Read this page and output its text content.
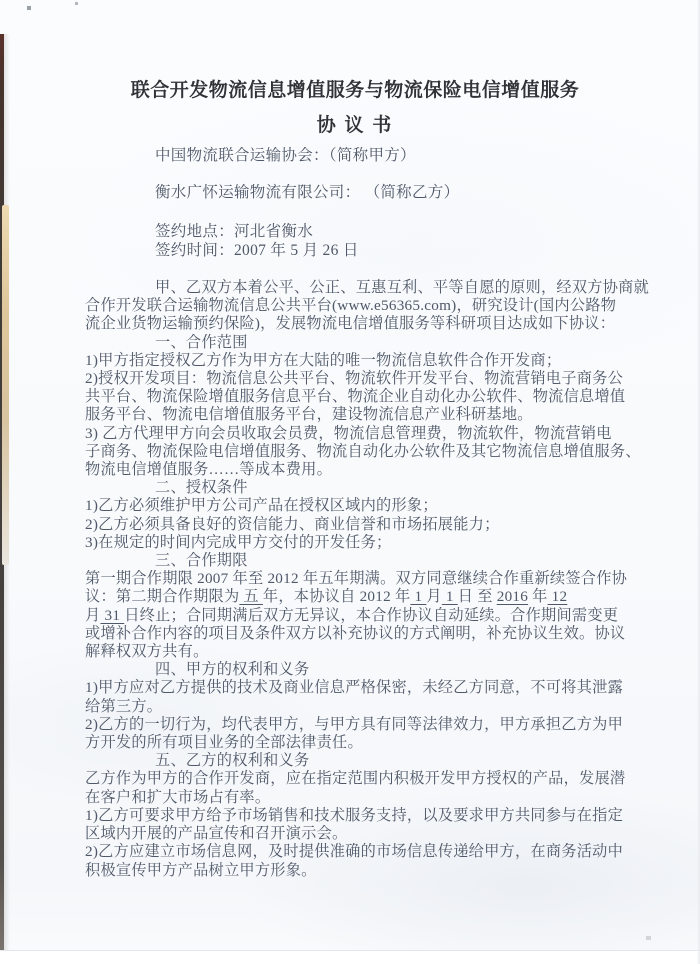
联合开发物流信息增值服务与物流保险电信增值服务
协 议 书
中国物流联合运输协会：（简称甲方）
衡水广怀运输物流有限公司： （简称乙方）
签约地点：河北省衡水
签约时间：2007 年 5 月 26 日
甲、乙双方本着公平、公正、互惠互利、平等自愿的原则，经双方协商就
合作开发联合运输物流信息公共平台(www.e56365.com)，研究设计(国内公路物
流企业货物运输预约保险)，发展物流电信增值服务等科研项目达成如下协议：
一、合作范围
1)甲方指定授权乙方作为甲方在大陆的唯一物流信息软件合作开发商；
2)授权开发项目：物流信息公共平台、物流软件开发平台、物流营销电子商务公
共平台、物流保险增值服务信息平台、物流企业自动化办公软件、物流信息增值
服务平台、物流电信增值服务平台，建设物流信息产业科研基地。
3) 乙方代理甲方向会员收取会员费，物流信息管理费，物流软件，物流营销电
子商务、物流保险电信增值服务、物流自动化办公软件及其它物流信息增值服务、
物流电信增值服务……等成本费用。
二、授权条件
1)乙方必须维护甲方公司产品在授权区域内的形象；
2)乙方必须具备良好的资信能力、商业信誉和市场拓展能力；
3)在规定的时间内完成甲方交付的开发任务；
三、合作期限
第一期合作期限 2007 年至 2012 年五年期满。双方同意继续合作重新续签合作协
议：第二期合作期限为 五 年，本协议自 2012 年 1 月 1 日 至 2016 年 12
月 31 日终止；合同期满后双方无异议，本合作协议自动延续。合作期间需变更
或增补合作内容的项目及条件双方以补充协议的方式阐明，补充协议生效。协议
解释权双方共有。
四、甲方的权利和义务
1)甲方应对乙方提供的技术及商业信息严格保密，未经乙方同意，不可将其泄露
给第三方。
2)乙方的一切行为，均代表甲方，与甲方具有同等法律效力，甲方承担乙方为甲
方开发的所有项目业务的全部法律责任。
五、乙方的权利和义务
乙方作为甲方的合作开发商，应在指定范围内积极开发甲方授权的产品，发展潜
在客户和扩大市场占有率。
1)乙方可要求甲方给予市场销售和技术服务支持，以及要求甲方共同参与在指定
区域内开展的产品宣传和召开演示会。
2)乙方应建立市场信息网，及时提供准确的市场信息传递给甲方，在商务活动中
积极宣传甲方产品树立甲方形象。
